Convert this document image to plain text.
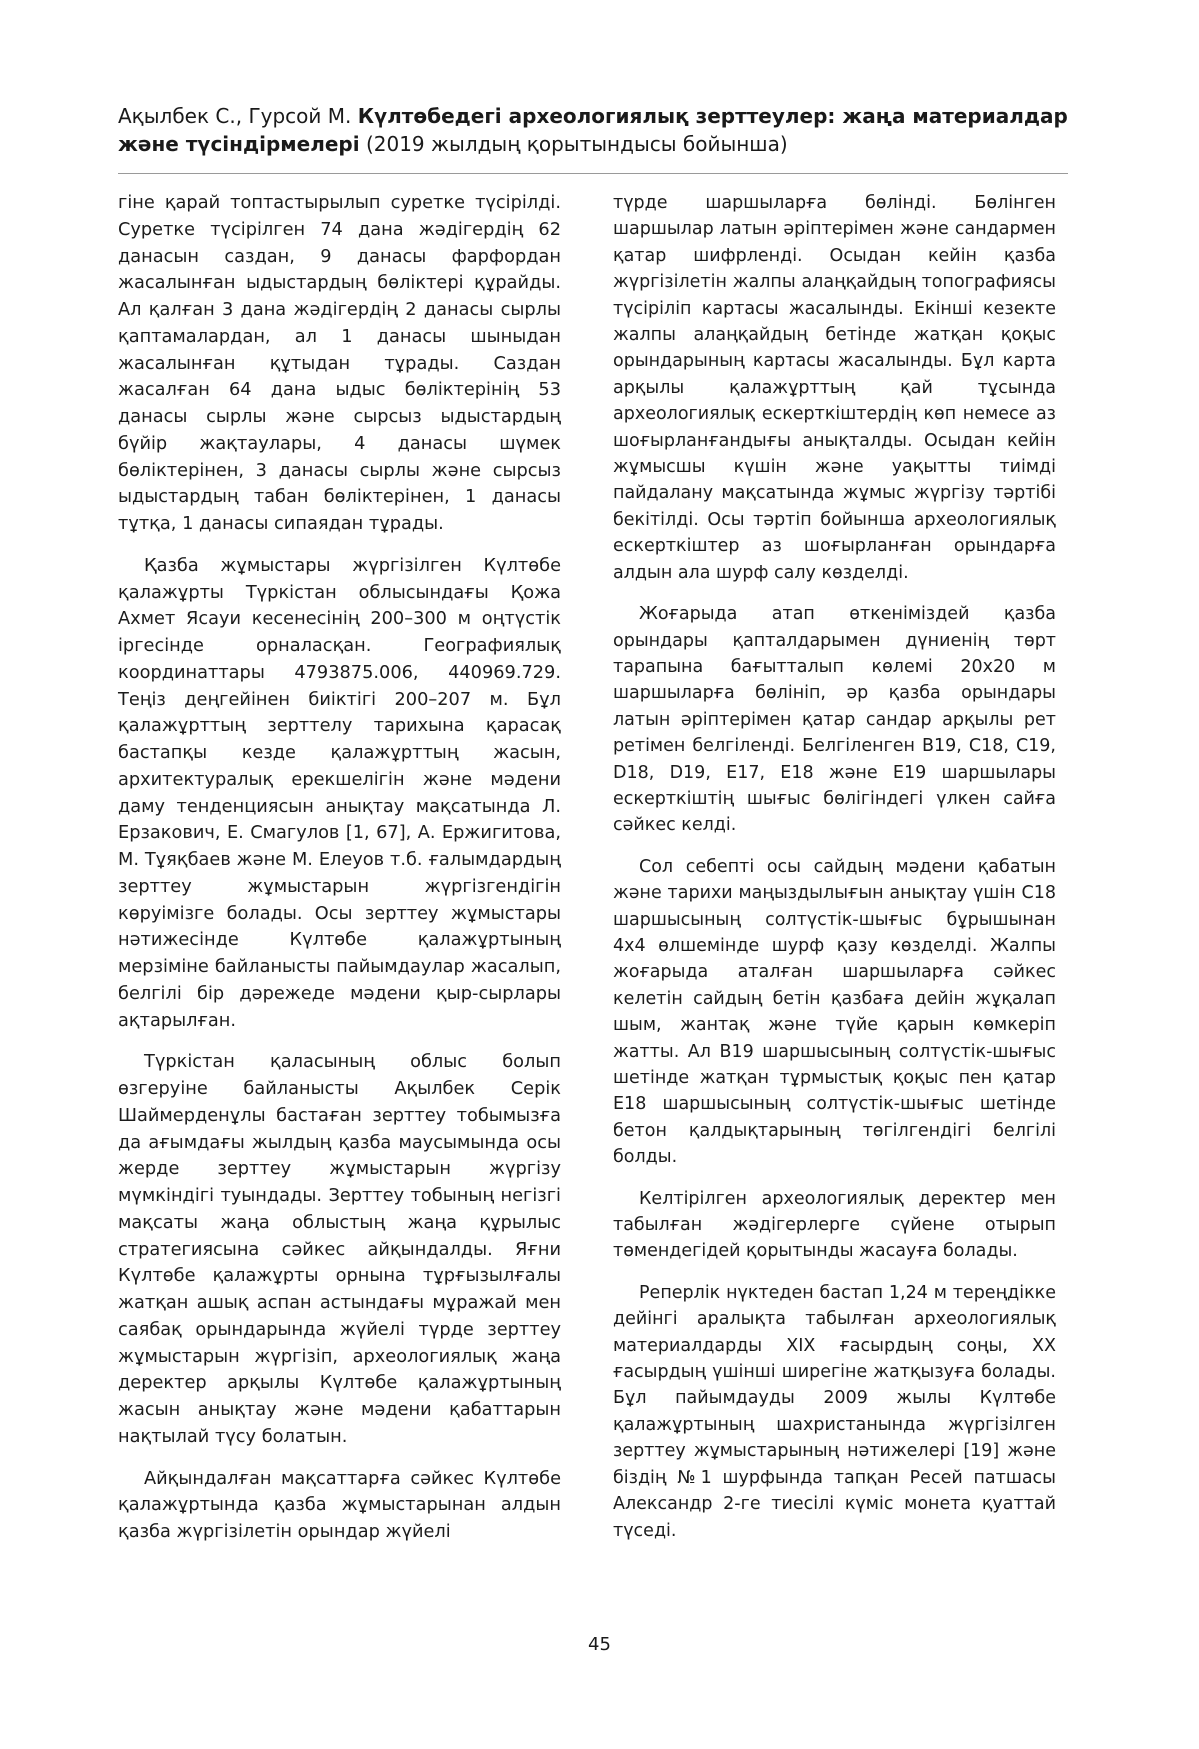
Ақылбек С., Гурсой М. Күлтөбедегі археологиялық зерттеулер: жаңа материалдар және түсіндірмелері (2019 жылдың қорытындысы бойынша)

гіне қарай топтастырылып суретке түсірілді. Суретке түсірілген 74 дана жәдігердің 62 данасын саздан, 9 данасы фарфордан жасалынған ыдыстардың бөліктері құрайды. Ал қалған 3 дана жәдігердің 2 данасы сырлы қаптамалардан, ал 1 данасы шыныдан жасалынған құтыдан тұрады. Саздан жасалған 64 дана ыдыс бөліктерінің 53 данасы сырлы және сырсыз ыдыстардың бүйір жақтаулары, 4 данасы шүмек бөліктерінен, 3 данасы сырлы және сырсыз ыдыстардың табан бөліктерінен, 1 данасы тұтқа, 1 данасы сипаядан тұрады.

Қазба жұмыстары жүргізілген Күлтөбе қалажұрты Түркістан облысындағы Қожа Ахмет Ясауи кесенесінің 200–300 м оңтүстік іргесінде орналасқан. Географиялық координаттары 4793875.006, 440969.729. Теңіз деңгейінен биіктігі 200–207 м. Бұл қалажұрттың зерттелу тарихына қарасақ бастапқы кезде қалажұрттың жасын, архитектуралық ерекшелігін және мәдени даму тенденциясын анықтау мақсатында Л. Ерзакович, Е. Смагулов [1, 67], А. Ержигитова, М. Тұяқбаев және М. Елеуов т.б. ғалымдардың зерттеу жұмыстарын жүргізгендігін көруімізге болады. Осы зерттеу жұмыстары нәтижесінде Күлтөбе қалажұртының мерзіміне байланысты пайымдаулар жасалып, белгілі бір дәрежеде мәдени қыр-сырлары ақтарылған.

Түркістан қаласының облыс болып өзгеруіне байланысты Ақылбек Серік Шаймерденұлы бастаған зерттеу тобымызға да ағымдағы жылдың қазба маусымында осы жерде зерттеу жұмыстарын жүргізу мүмкіндігі туындады. Зерттеу тобының негізгі мақсаты жаңа облыстың жаңа құрылыс стратегиясына сәйкес айқындалды. Яғни Күлтөбе қалажұрты орнына тұрғызылғалы жатқан ашық аспан астындағы мұражай мен саябақ орындарында жүйелі түрде зерттеу жұмыстарын жүргізіп, археологиялық жаңа деректер арқылы Күлтөбе қалажұртының жасын анықтау және мәдени қабаттарын нақтылай түсу болатын.

Айқындалған мақсаттарға сәйкес Күлтөбе қалажұртында қазба жұмыстарынан алдын қазба жүргізілетін орындар жүйелі

түрде шаршыларға бөлінді. Бөлінген шаршылар латын әріптерімен және сандармен қатар шифрленді. Осыдан кейін қазба жүргізілетін жалпы алаңқайдың топографиясы түсіріліп картасы жасалынды. Екінші кезекте жалпы алаңқайдың бетінде жатқан қоқыс орындарының картасы жасалынды. Бұл карта арқылы қалажұрттың қай тұсында археологиялық ескерткіштердің көп немесе аз шоғырланғандығы анықталды. Осыдан кейін жұмысшы күшін және уақытты тиімді пайдалану мақсатында жұмыс жүргізу тәртібі бекітілді. Осы тәртіп бойынша археологиялық ескерткіштер аз шоғырланған орындарға алдын ала шурф салу көзделді.

Жоғарыда атап өткеніміздей қазба орындары қапталдарымен дүниенің төрт тарапына бағытталып көлемі 20х20 м шаршыларға бөлініп, әр қазба орындары латын әріптерімен қатар сандар арқылы рет ретімен белгіленді. Белгіленген B19, C18, C19, D18, D19, E17, E18 және E19 шаршылары ескерткіштің шығыс бөлігіндегі үлкен сайға сәйкес келді.

Сол себепті осы сайдың мәдени қабатын және тарихи маңыздылығын анықтау үшін C18 шаршысының солтүстік-шығыс бұрышынан 4х4 өлшемінде шурф қазу көзделді. Жалпы жоғарыда аталған шаршыларға сәйкес келетін сайдың бетін қазбаға дейін жұқалап шым, жантақ және түйе қарын көмкеріп жатты. Ал B19 шаршысының солтүстік-шығыс шетінде жатқан тұрмыстық қоқыс пен қатар E18 шаршысының солтүстік-шығыс шетінде бетон қалдықтарының төгілгендігі белгілі болды.

Келтірілген археологиялық деректер мен табылған жәдігерлерге сүйене отырып төмендегідей қорытынды жасауға болады.

Реперлік нүктеден бастап 1,24 м тереңдікке дейінгі аралықта табылған археологиялық материалдарды XIX ғасырдың соңы, XX ғасырдың үшінші ширегіне жатқызуға болады. Бұл пайымдауды 2009 жылы Күлтөбе қалажұртының шахристанында жүргізілген зерттеу жұмыстарының нәтижелері [19] және біздің №1 шурфында тапқан Ресей патшасы Александр 2-ге тиесілі күміс монета қуаттай түседі.

45
